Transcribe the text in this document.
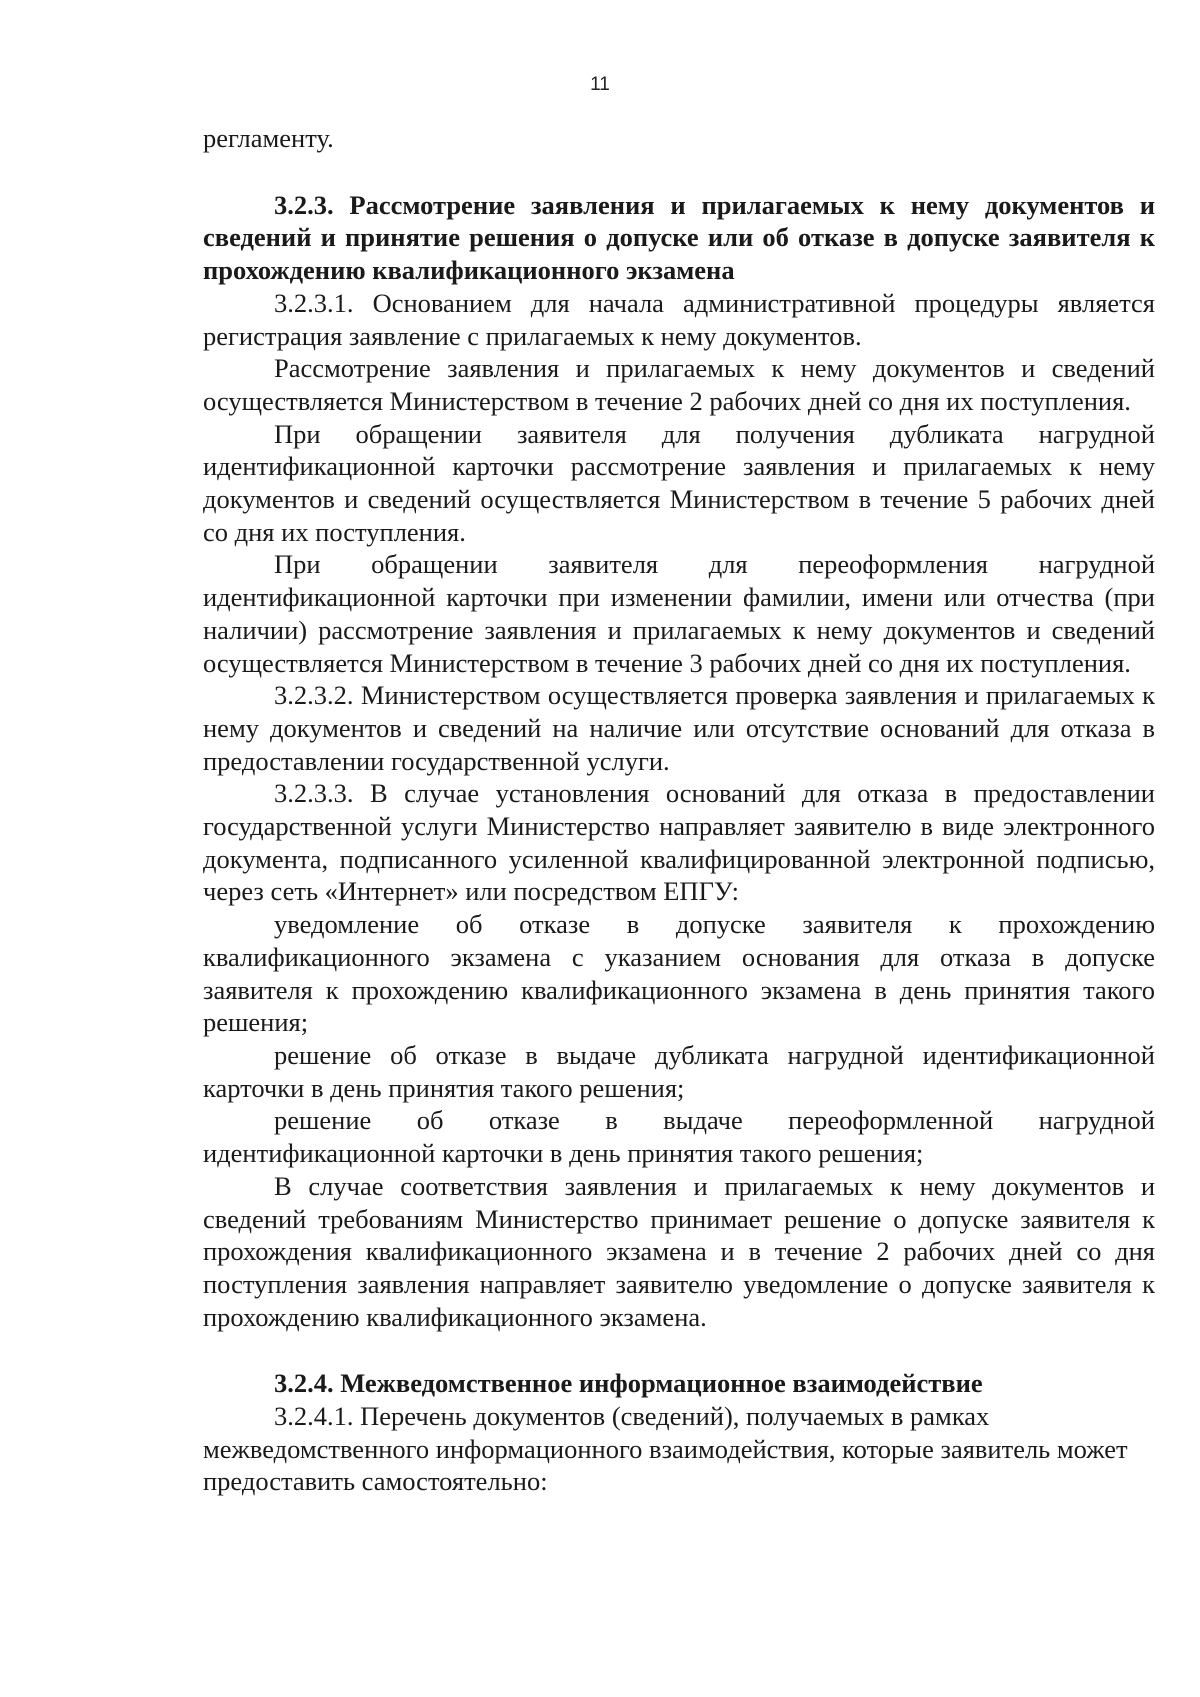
11

регламенту.

3.2.3. Рассмотрение заявления и прилагаемых к нему документов и сведений и принятие решения о допуске или об отказе в допуске заявителя к прохождению квалификационного экзамена

3.2.3.1. Основанием для начала административной процедуры является регистрация заявление с прилагаемых к нему документов.

Рассмотрение заявления и прилагаемых к нему документов и сведений осуществляется Министерством в течение 2 рабочих дней со дня их поступления.

При обращении заявителя для получения дубликата нагрудной идентификационной карточки рассмотрение заявления и прилагаемых к нему документов и сведений осуществляется Министерством в течение 5 рабочих дней со дня их поступления.

При обращении заявителя для переоформления нагрудной идентификационной карточки при изменении фамилии, имени или отчества (при наличии) рассмотрение заявления и прилагаемых к нему документов и сведений осуществляется Министерством в течение 3 рабочих дней со дня их поступления.

3.2.3.2. Министерством осуществляется проверка заявления и прилагаемых к нему документов и сведений на наличие или отсутствие оснований для отказа в предоставлении государственной услуги.

3.2.3.3. В случае установления оснований для отказа в предоставлении государственной услуги Министерство направляет заявителю в виде электронного документа, подписанного усиленной квалифицированной электронной подписью, через сеть «Интернет» или посредством ЕПГУ:

уведомление об отказе в допуске заявителя к прохождению квалификационного экзамена с указанием основания для отказа в допуске заявителя к прохождению квалификационного экзамена в день принятия такого решения;

решение об отказе в выдаче дубликата нагрудной идентификационной карточки в день принятия такого решения;

решение об отказе в выдаче переоформленной нагрудной идентификационной карточки в день принятия такого решения;

В случае соответствия заявления и прилагаемых к нему документов и сведений требованиям Министерство принимает решение о допуске заявителя к прохождения квалификационного экзамена и в течение 2 рабочих дней со дня поступления заявления направляет заявителю уведомление о допуске заявителя к прохождению квалификационного экзамена.

3.2.4. Межведомственное информационное взаимодействие

3.2.4.1. Перечень документов (сведений), получаемых в рамках межведомственного информационного взаимодействия, которые заявитель может предоставить самостоятельно:
